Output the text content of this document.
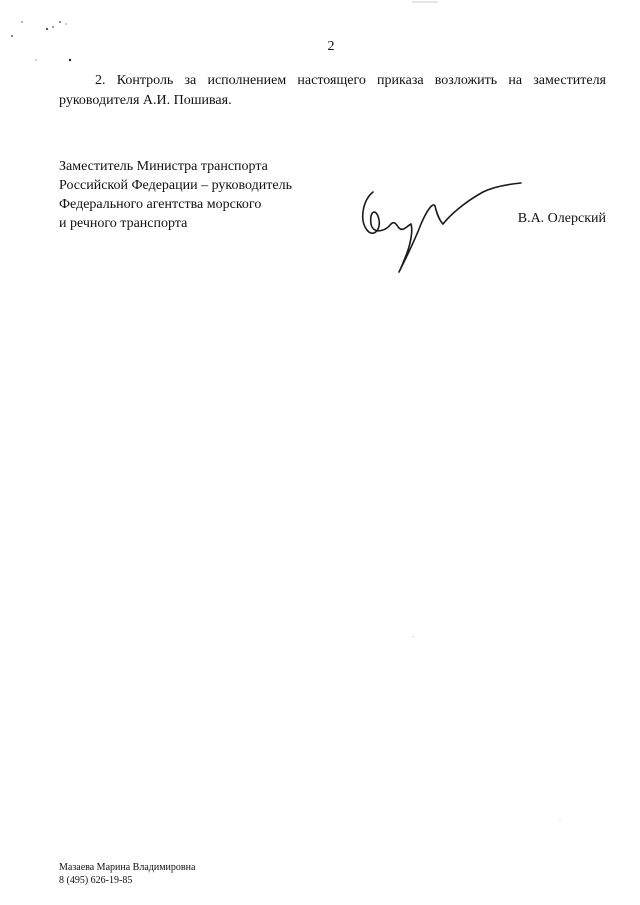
2

2. Контроль за исполнением настоящего приказа возложить на заместителя руководителя А.И. Пошивая.

Заместитель Министра транспорта
Российской Федерации – руководитель
Федерального агентства морского
и речного транспорта	В.А. Олерский
Мазаева Марина Владимировна
8 (495) 626-19-85
